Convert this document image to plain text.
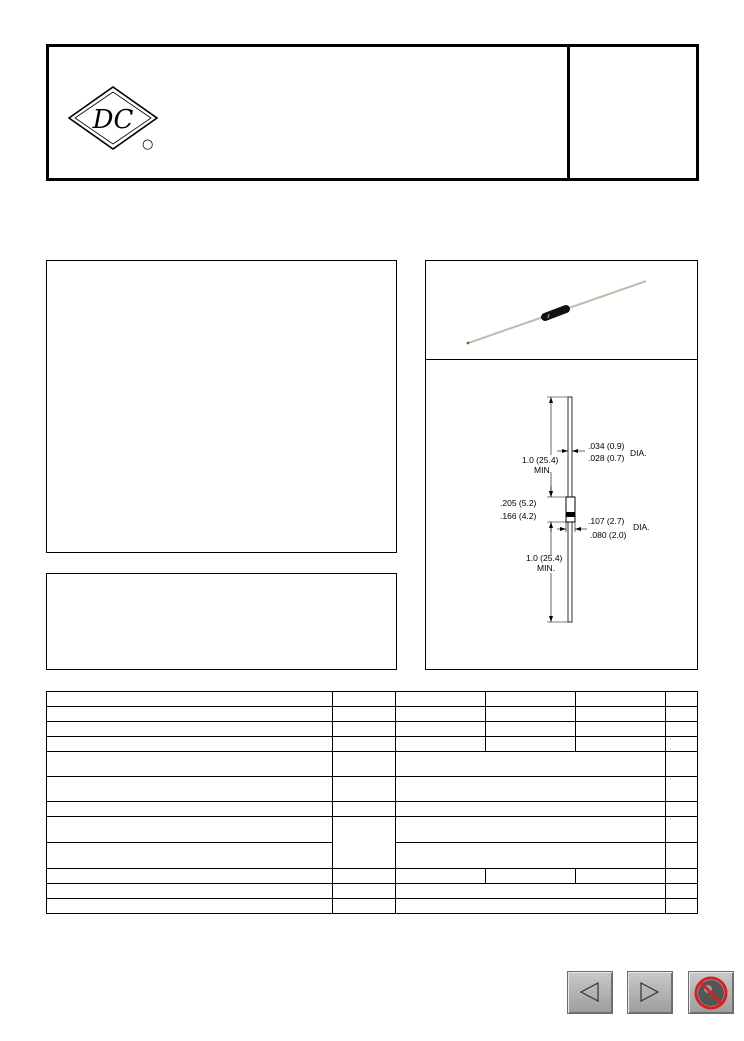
DC
○
1.0 (25.4)
MIN.
.034 (0.9)
.028 (0.7) DIA.
.205 (5.2)
.166 (4.2)	.107 (2.7)
.080 (2.0)
DIA.
1.0 (25.4)
MIN.
